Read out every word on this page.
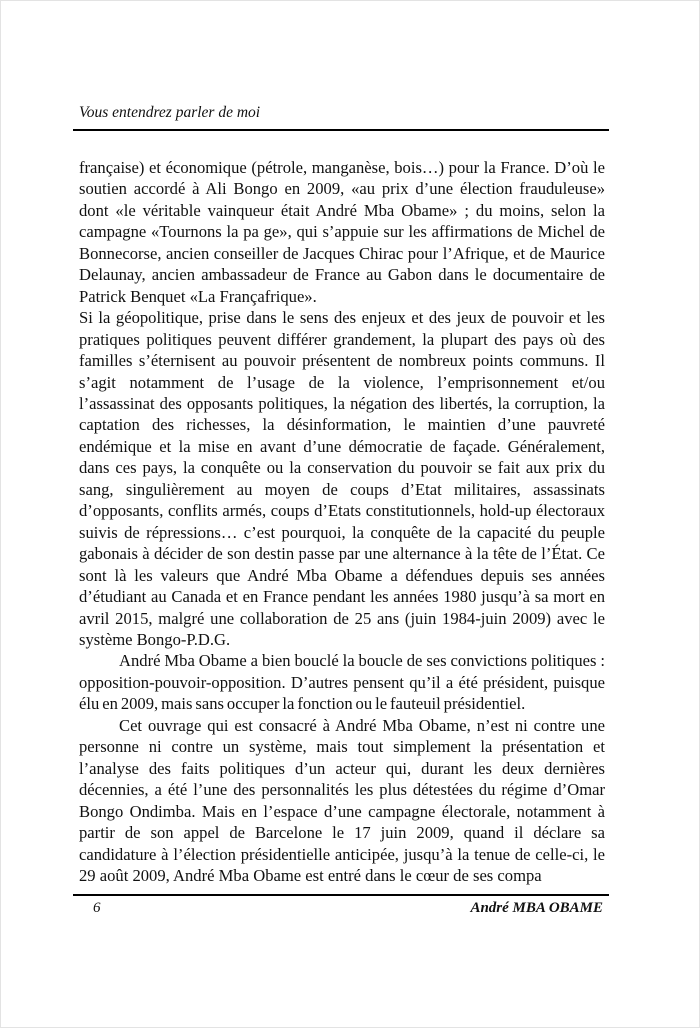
Vous entendrez parler de moi

française) et économique (pétrole, manganèse, bois…) pour la France. D’où le soutien accordé à Ali Bongo en 2009, «au prix d’une élection frauduleuse» dont «le véritable vainqueur était André Mba Obame» ; du moins, selon la campagne «Tournons la pa ge», qui s’appuie sur les affirmations de Michel de Bonnecorse, ancien conseiller de Jacques Chirac pour l’Afrique, et de Maurice Delaunay, ancien ambassadeur de France au Gabon dans le documentaire de Patrick Benquet «La Françafrique».

Si la géopolitique, prise dans le sens des enjeux et des jeux de pouvoir et les pratiques politiques peuvent différer grandement, la plupart des pays où des familles s’éternisent au pouvoir présentent de nombreux points communs. Il s’agit notamment de l’usage de la violence, l’emprisonnement et/ou l’assassinat des opposants politiques, la négation des libertés, la corruption, la captation des richesses, la désinformation, le maintien d’une pauvreté endémique et la mise en avant d’une démocratie de façade. Généralement, dans ces pays, la conquête ou la conservation du pouvoir se fait aux prix du sang, singulièrement au moyen de coups d’Etat militaires, assassinats d’opposants, conflits armés, coups d’Etats constitutionnels, hold-up électoraux suivis de répressions… c’est pourquoi, la conquête de la capacité du peuple gabonais à décider de son destin passe par une alternance à la tête de l’État. Ce sont là les valeurs que André Mba Obame a défendues depuis ses années d’étudiant au Canada et en France pendant les années 1980 jusqu’à sa mort en avril 2015, malgré une collaboration de 25 ans (juin 1984-juin 2009) avec le système Bongo-P.D.G.

André Mba Obame a bien bouclé la boucle de ses convictions politiques : opposition-pouvoir-opposition. D’autres pensent qu’il a été président, puisque élu en 2009, mais sans occuper la fonction ou le fauteuil présidentiel.

Cet ouvrage qui est consacré à André Mba Obame, n’est ni contre une personne ni contre un système, mais tout simplement la présentation et l’analyse des faits politiques d’un acteur qui, durant les deux dernières décennies, a été l’une des personnalités les plus détestées du régime d’Omar Bongo Ondimba. Mais en l’espace d’une campagne électorale, notamment à partir de son appel de Barcelone le 17 juin 2009, quand il déclare sa candidature à l’élection présidentielle anticipée, jusqu’à la tenue de celle-ci, le 29 août 2009, André Mba Obame est entré dans le cœur de ses compa

6	André MBA OBAME
